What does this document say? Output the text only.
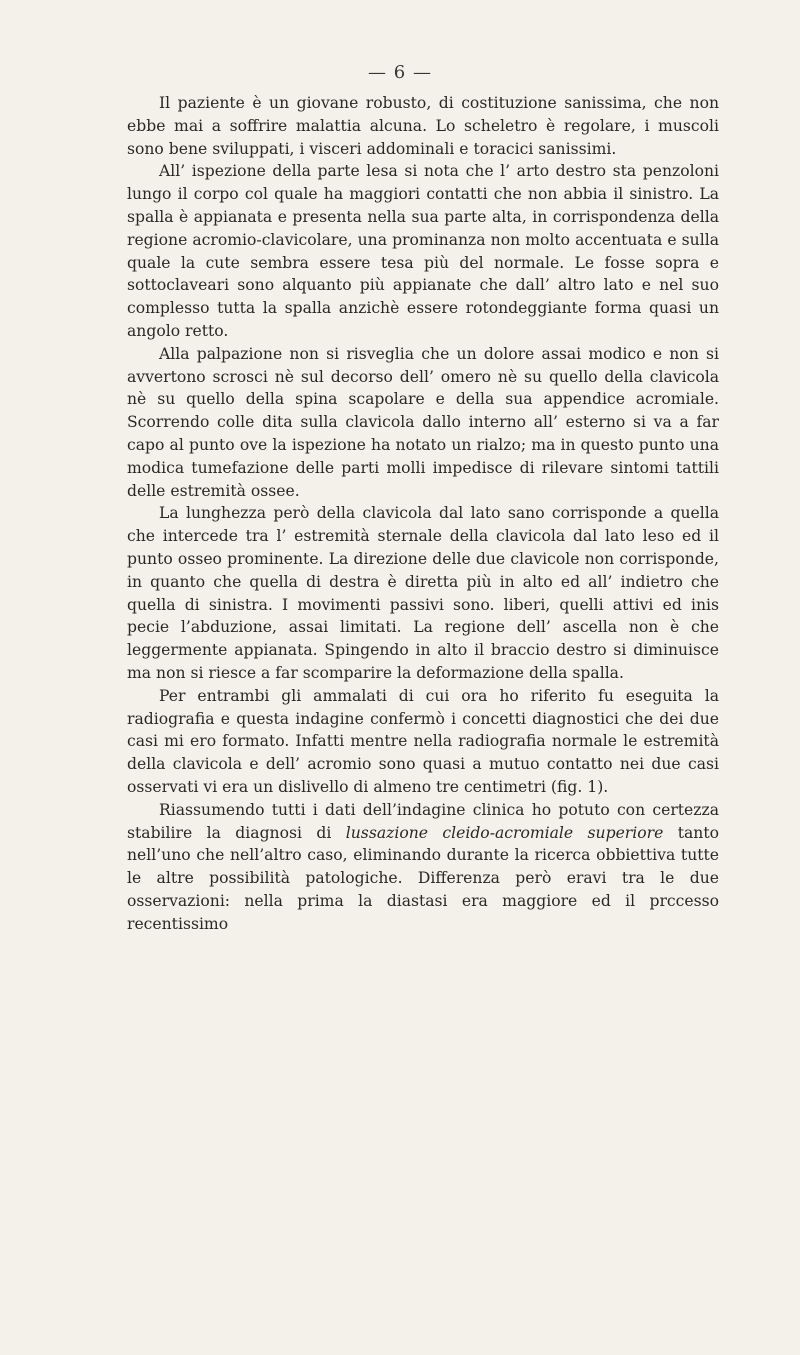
— 6 —

Il paziente è un giovane robusto, di costituzione sanissima, che non ebbe mai a soffrire malattia alcuna. Lo scheletro è regolare, i muscoli sono bene sviluppati, i visceri addominali e toracici sanissimi.

All’ ispezione della parte lesa si nota che l’ arto destro sta penzoloni lungo il corpo col quale ha maggiori contatti che non abbia il sinistro. La spalla è appianata e presenta nella sua parte alta, in corrispondenza della regione acromio-clavicolare, una prominanza non molto accentuata e sulla quale la cute sembra essere tesa più del normale. Le fosse sopra e sottoclaveari sono alquanto più appianate che dall’ altro lato e nel suo complesso tutta la spalla anzichè essere rotondeggiante forma quasi un angolo retto.

Alla palpazione non si risveglia che un dolore assai modico e non si avvertono scrosci nè sul decorso dell’ omero nè su quello della clavicola nè su quello della spina scapolare e della sua appendice acromiale. Scorrendo colle dita sulla clavicola dallo interno all’ esterno si va a far capo al punto ove la ispezione ha notato un rialzo; ma in questo punto una modica tumefazione delle parti molli impedisce di rilevare sintomi tattili delle estremità ossee.

La lunghezza però della clavicola dal lato sano corrisponde a quella che intercede tra l’ estremità sternale della clavicola dal lato leso ed il punto osseo prominente. La direzione delle due clavicole non corrisponde, in quanto che quella di destra è diretta più in alto ed all’ indietro che quella di sinistra. I movimenti passivi sono. liberi, quelli attivi ed inis pecie l’abduzione, assai limitati. La regione dell’ ascella non è che leggermente appianata. Spingendo in alto il braccio destro si diminuisce ma non si riesce a far scomparire la deformazione della spalla.

Per entrambi gli ammalati di cui ora ho riferito fu eseguita la radiografia e questa indagine confermò i concetti diagnostici che dei due casi mi ero formato. Infatti mentre nella radiografia normale le estremità della clavicola e dell’ acromio sono quasi a mutuo contatto nei due casi osservati vi era un dislivello di almeno tre centimetri (fig. 1).

Riassumendo tutti i dati dell’indagine clinica ho potuto con certezza stabilire la diagnosi di lussazione cleido-acromiale superiore tanto nell’uno che nell’altro caso, eliminando durante la ricerca obbiettiva tutte le altre possibilità patologiche. Differenza però eravi tra le due osservazioni: nella prima la diastasi era maggiore ed il prccesso recentissimo
